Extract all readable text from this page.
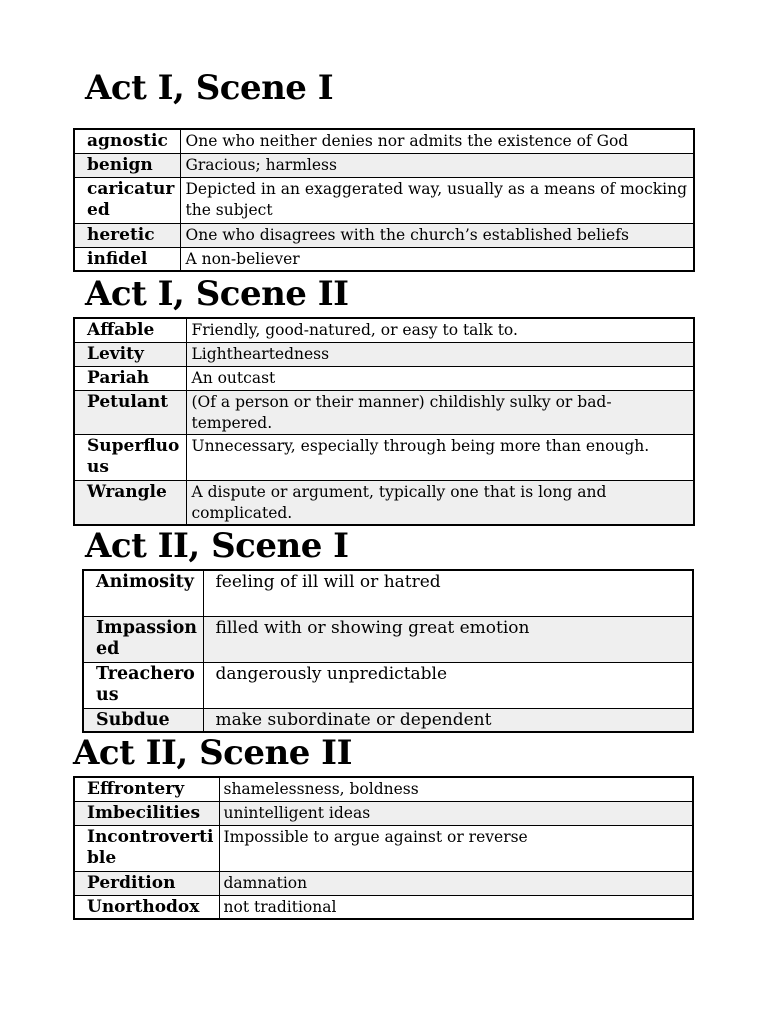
Act I, Scene I
agnostic	One who neither denies nor admits the existence of God
benign	Gracious; harmless
caricatured	Depicted in an exaggerated way, usually as a means of mocking the subject
heretic	One who disagrees with the church’s established beliefs
infidel	A non-believer
Act I, Scene II
Affable	Friendly, good-natured, or easy to talk to.
Levity	Lightheartedness
Pariah	An outcast
Petulant	(Of a person or their manner) childishly sulky or bad-tempered.
Superfluous	Unnecessary, especially through being more than enough.
Wrangle	A dispute or argument, typically one that is long and complicated.
Act II, Scene I
Animosity	feeling of ill will or hatred
Impassioned	filled with or showing great emotion
Treacherous	dangerously unpredictable
Subdue	make subordinate or dependent
Act II, Scene II
Effrontery	shamelessness, boldness
Imbecilities	unintelligent ideas
Incontrovertible	Impossible to argue against or reverse
Perdition	damnation
Unorthodox	not traditional
